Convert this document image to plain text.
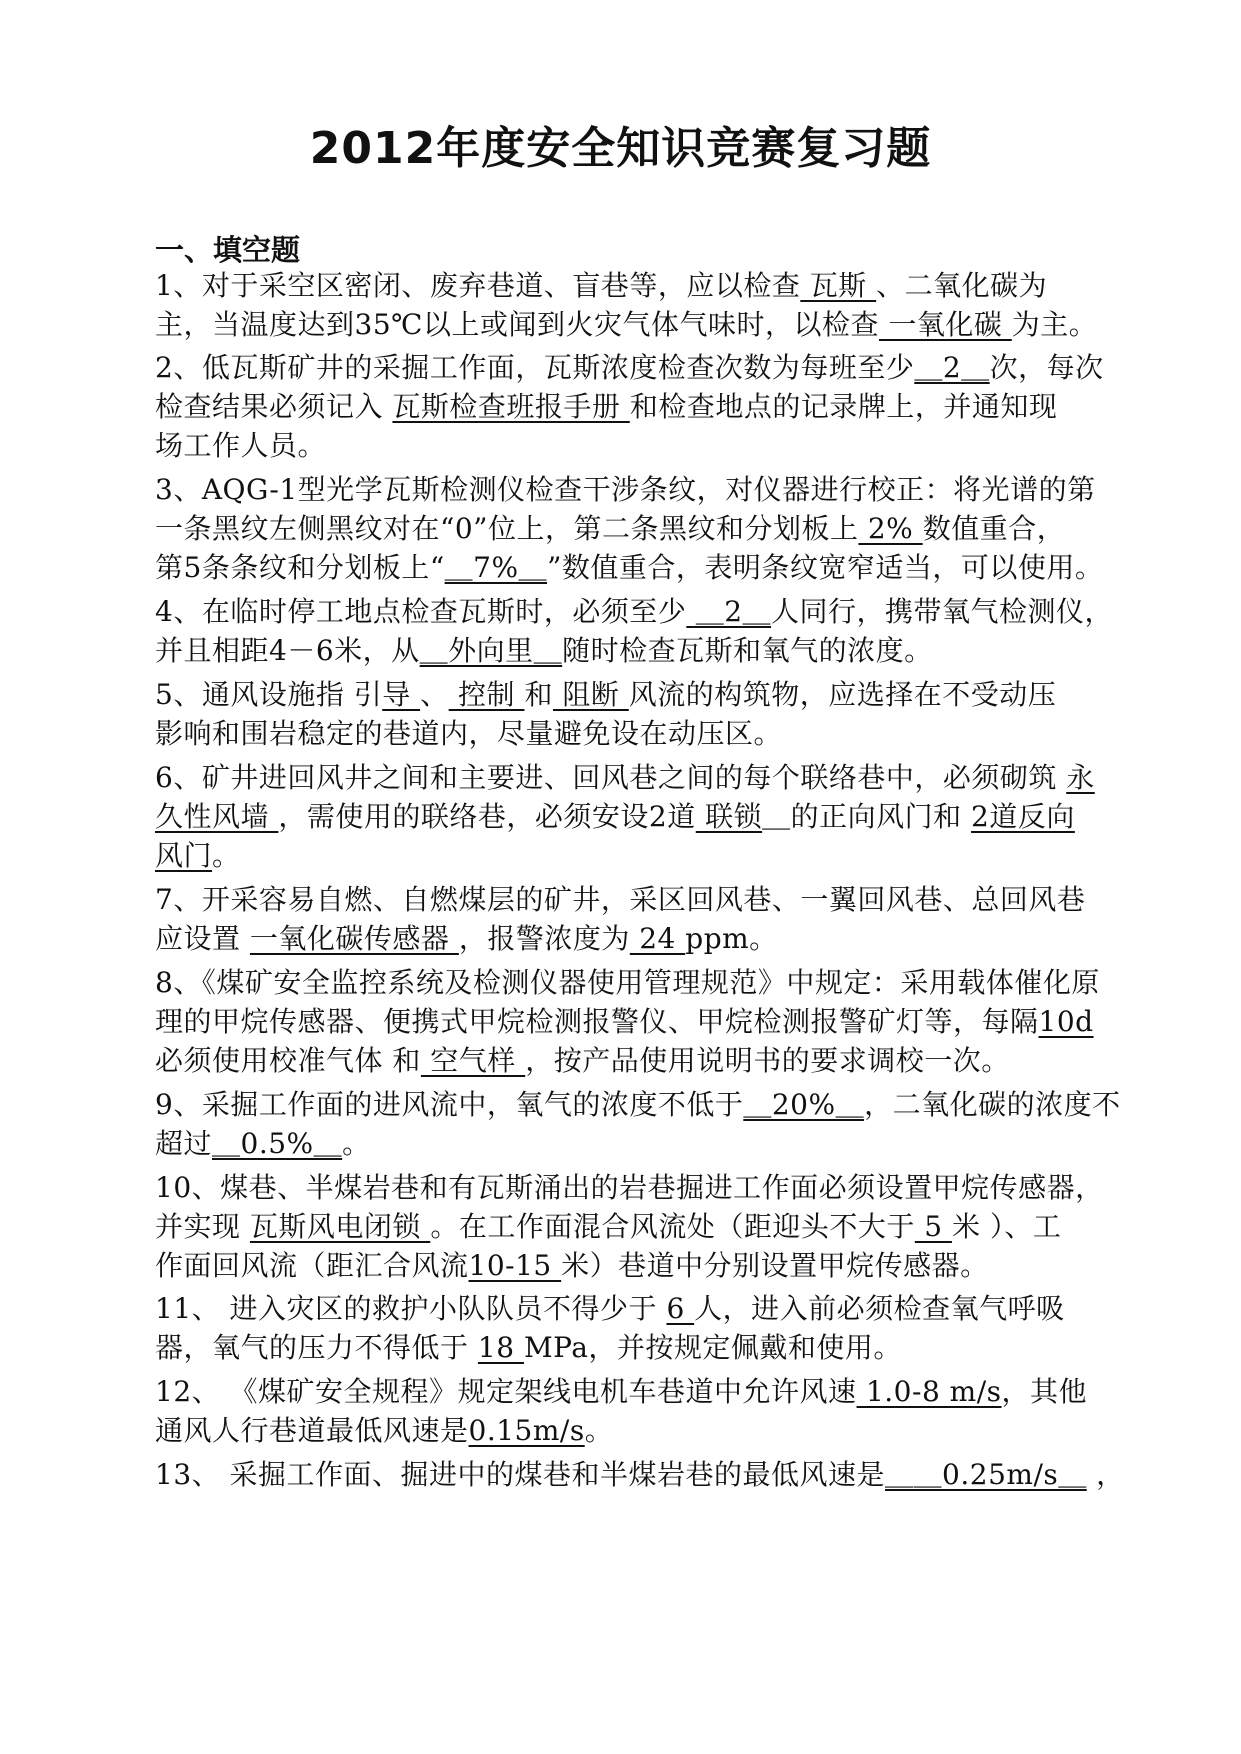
2012年度安全知识竞赛复习题
一、填空题
1、对于采空区密闭、废弃巷道、盲巷等，应以检查 瓦斯 、二氧化碳为
主，当温度达到35℃以上或闻到火灾气体气味时，以检查 一氧化碳 为主。
2、低瓦斯矿井的采掘工作面，瓦斯浓度检查次数为每班至少＿2＿次，每次
检查结果必须记入 瓦斯检查班报手册 和检查地点的记录牌上，并通知现
场工作人员。
3、AQG-1型光学瓦斯检测仪检查干涉条纹，对仪器进行校正：将光谱的第
一条黑纹左侧黑纹对在“0”位上，第二条黑纹和分划板上 2% 数值重合，
第5条条纹和分划板上“＿7%＿”数值重合，表明条纹宽窄适当，可以使用。
4、在临时停工地点检查瓦斯时，必须至少 ＿2＿人同行，携带氧气检测仪，
并且相距4－6米，从＿外向里＿随时检查瓦斯和氧气的浓度。
5、通风设施指 引导 、 控制 和 阻断 风流的构筑物，应选择在不受动压
影响和围岩稳定的巷道内，尽量避免设在动压区。
6、矿井进回风井之间和主要进、回风巷之间的每个联络巷中，必须砌筑 永
久性风墙 ，需使用的联络巷，必须安设2道 联锁＿的正向风门和 2道反向
风门。
7、开采容易自燃、自燃煤层的矿井，采区回风巷、一翼回风巷、总回风巷
应设置 一氧化碳传感器 ，报警浓度为 24 ppm。
8、《煤矿安全监控系统及检测仪器使用管理规范》中规定：采用载体催化原
理的甲烷传感器、便携式甲烷检测报警仪、甲烷检测报警矿灯等，每隔10d
必须使用校准气体 和 空气样 ，按产品使用说明书的要求调校一次。
9、采掘工作面的进风流中，氧气的浓度不低于＿20%＿，二氧化碳的浓度不
超过＿0.5%＿。
10、煤巷、半煤岩巷和有瓦斯涌出的岩巷掘进工作面必须设置甲烷传感器，
并实现 瓦斯风电闭锁 。在工作面混合风流处（距迎头不大于 5 米 ）、工
作面回风流（距汇合风流10-15 米）巷道中分别设置甲烷传感器。
11、 进入灾区的救护小队队员不得少于 6 人，进入前必须检查氧气呼吸
器，氧气的压力不得低于 18 MPa，并按规定佩戴和使用。
12、 《煤矿安全规程》规定架线电机车巷道中允许风速 1.0-8 m/s，其他
通风人行巷道最低风速是0.15m/s。
13、 采掘工作面、掘进中的煤巷和半煤岩巷的最低风速是＿＿0.25m/s＿ ，
